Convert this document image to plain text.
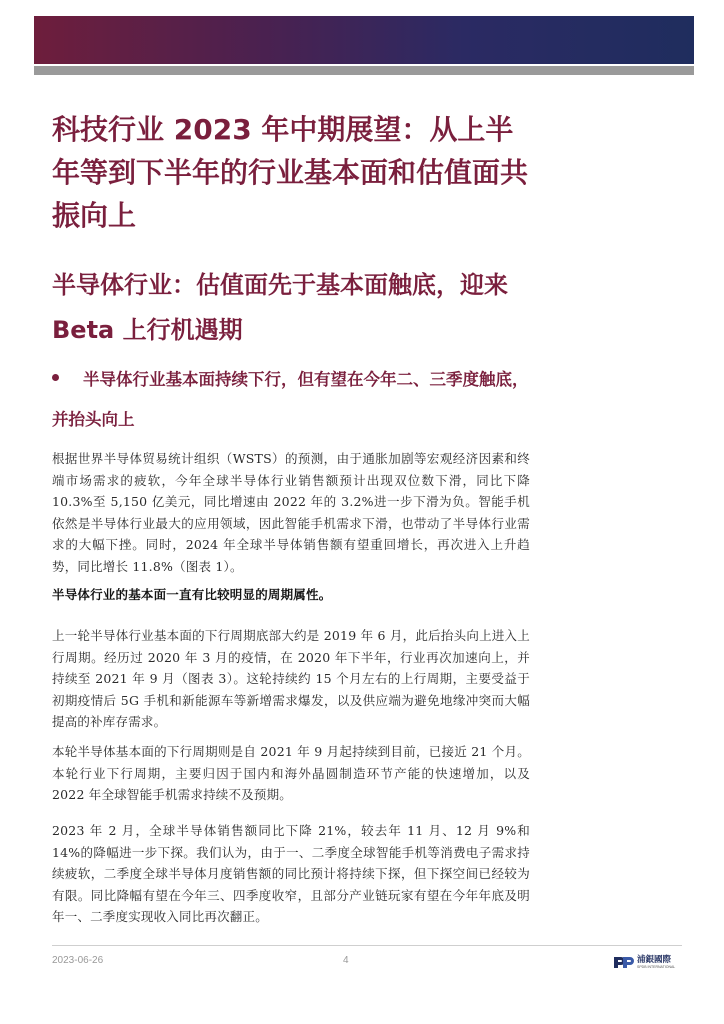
科技行业 2023 年中期展望：从上半年等到下半年的行业基本面和估值面共振向上
半导体行业：估值面先于基本面触底，迎来 Beta 上行机遇期
半导体行业基本面持续下行，但有望在今年二、三季度触底，并抬头向上
根据世界半导体贸易统计组织（WSTS）的预测，由于通胀加剧等宏观经济因素和终端市场需求的疲软，今年全球半导体行业销售额预计出现双位数下滑，同比下降 10.3%至 5,150 亿美元，同比增速由 2022 年的 3.2%进一步下滑为负。智能手机依然是半导体行业最大的应用领域，因此智能手机需求下滑，也带动了半导体行业需求的大幅下挫。同时，2024 年全球半导体销售额有望重回增长，再次进入上升趋势，同比增长 11.8%（图表 1）。
半导体行业的基本面一直有比较明显的周期属性。
上一轮半导体行业基本面的下行周期底部大约是 2019 年 6 月，此后抬头向上进入上行周期。经历过 2020 年 3 月的疫情，在 2020 年下半年，行业再次加速向上，并持续至 2021 年 9 月（图表 3）。这轮持续约 15 个月左右的上行周期，主要受益于初期疫情后 5G 手机和新能源车等新增需求爆发，以及供应端为避免地缘冲突而大幅提高的补库存需求。
本轮半导体基本面的下行周期则是自 2021 年 9 月起持续到目前，已接近 21 个月。本轮行业下行周期，主要归因于国内和海外晶圆制造环节产能的快速增加，以及 2022 年全球智能手机需求持续不及预期。
2023 年 2 月，全球半导体销售额同比下降 21%，较去年 11 月、12 月 9%和 14%的降幅进一步下探。我们认为，由于一、二季度全球智能手机等消费电子需求持续疲软，二季度全球半导体月度销售额的同比预计将持续下探，但下探空间已经较为有限。同比降幅有望在今年三、四季度收窄，且部分产业链玩家有望在今年年底及明年一、二季度实现收入同比再次翻正。
2023-06-26	4	浦銀國際
SPDB INTERNATIONAL
